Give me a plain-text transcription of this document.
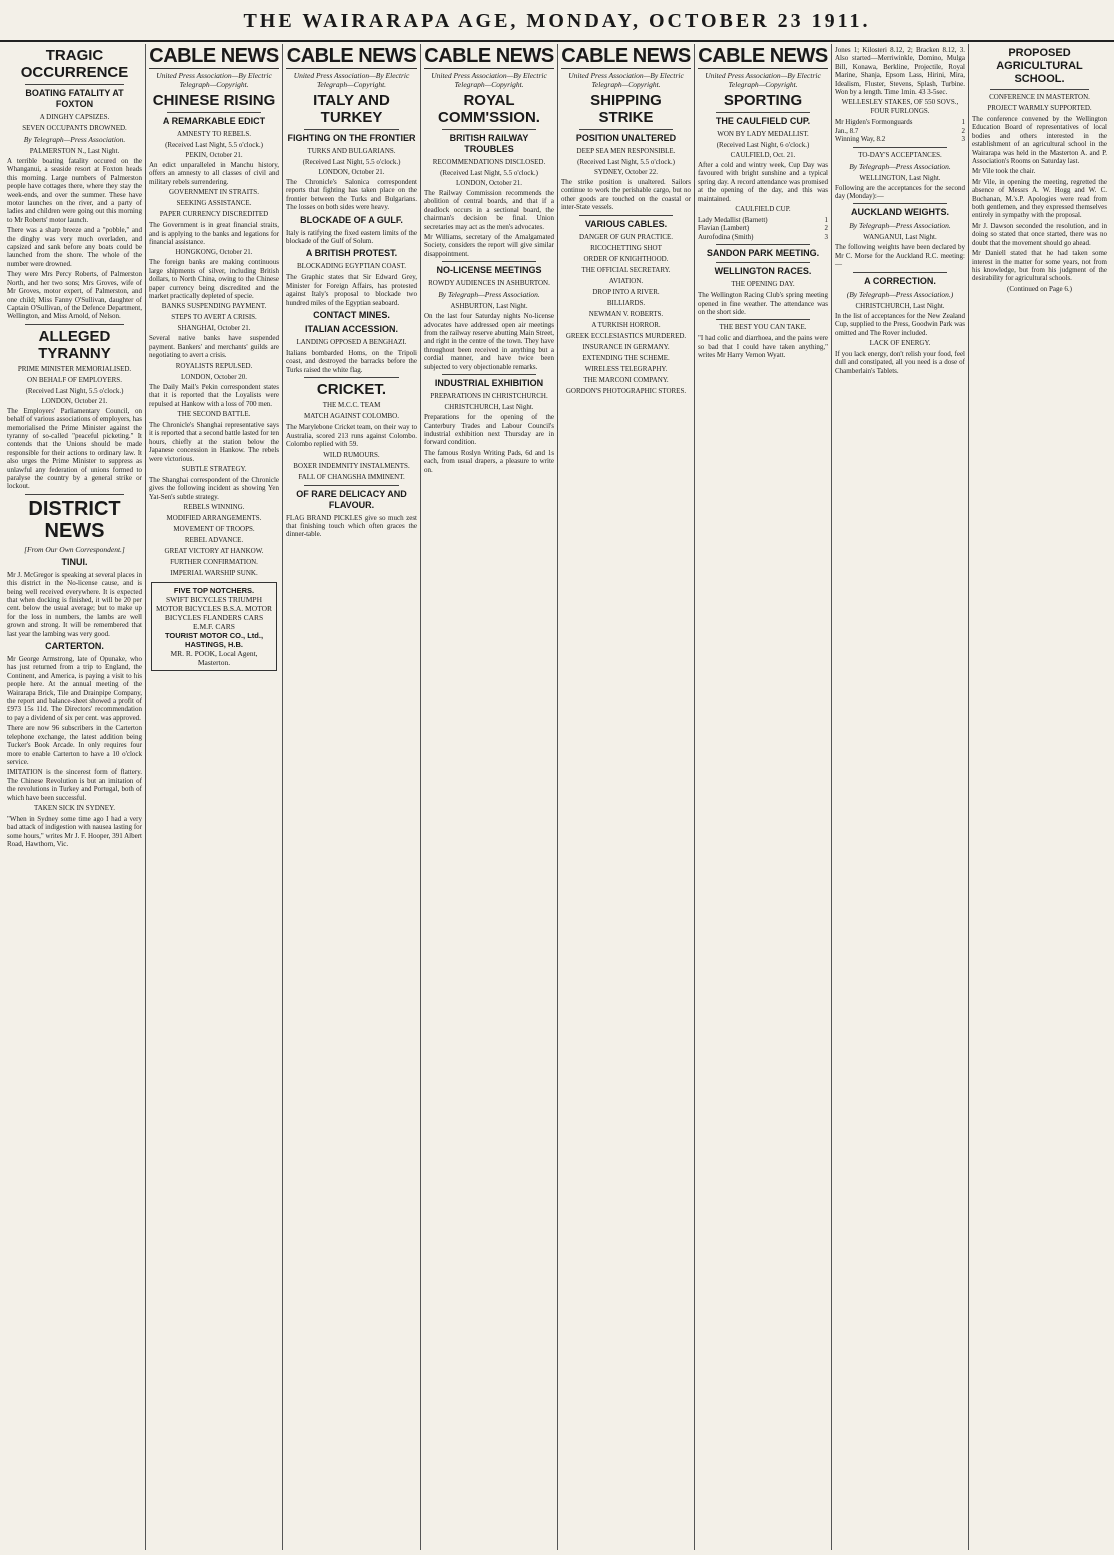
THE WAIRARAPA AGE, MONDAY, OCTOBER 23 1911.
TRAGIC OCCURRENCE
BOATING FATALITY AT FOXTON
A DINGHY CAPSIZES.
SEVEN OCCUPANTS DROWNED.
By Telegraph—Press Association.
PALMERSTON N., Last Night.
A terrible boating fatality occured on the Whanganui, a seaside resort at Foxton heads this morning. Large numbers of Palmerston people have cottages there, where they stay the week-ends, and over the summer. These have motor launches on the river, and a party of ladies and children were going out this morning to Mr Roberts' motor launch.
There was a sharp breeze and a "pobble," and the dinghy was very much overladen, and capsized and sank before any boats could be launched from the shore. The whole of the number were drowned.
They were Mrs Percy Roberts, of Palmerston North, and her two sons; Mrs Groves, wife of Mr Groves, motor expert, of Palmerston, and one child; Miss Fanny O'Sullivan, daughter of Captain O'Sullivan, of the Defence Department, Wellington, and Miss Arnold, of Nelson.
ALLEGED TYRANNY
PRIME MINISTER MEMORIALISED.
ON BEHALF OF EMPLOYERS.
(Received Last Night, 5.5 o'clock.)
LONDON, October 21.
The Employers' Parliamentary Council, on behalf of various associations of employers, has memorialised the Prime Minister against the tyranny of so-called "peaceful picketing." It contends that the Unions should be made responsible for their actions to ordinary law. It also urges the Prime Minister to suppress as unlawful any federation of unions formed to paralyse the country by a general strike or lockout.
DISTRICT NEWS
[From Our Own Correspondent.]
TINUI.
Mr J. McGregor is speaking at several places in this district in the No-license cause, and is being well received everywhere. It is expected that when docking is finished, it will be 20 per cent. below the usual average; but to make up for the loss in numbers, the lambs are well grown and strong. It will be remembered that last year the lambing was very good.
CARTERTON.
Mr George Armstrong, late of Opunake, who has just returned from a trip to England, the Continent, and America, is paying a visit to his people here. At the annual meeting of the Wairarapa Brick, Tile and Drainpipe Company, the report and balance-sheet showed a profit of £973 15s 11d. The Directors' recommendation to pay a dividend of six per cent. was approved.
There are now 96 subscribers in the Carterton telephone exchange, the latest addition being Tucker's Book Arcade. In only requires four more to enable Carterton to have a 10 o'clock service.
IMITATION is the sincerest form of flattery. The Chinese Revolution is but an imitation of the revolutions in Turkey and Portugal, both of which have been successful.
TAKEN SICK IN SYDNEY.
"When in Sydney some time ago I had a very bad attack of indigestion with nausea lasting for some hours," writes Mr J. F. Hooper, 391 Albert Road, Hawthorn, Vic.
CABLE NEWS
United Press Association—By Electric Telegraph—Copyright.
CHINESE RISING
A REMARKABLE EDICT
AMNESTY TO REBELS.
(Received Last Night, 5.5 o'clock.)
PEKIN, October 21.
An edict unparalleled in Manchu history, offers an amnesty to all classes of civil and military rebels surrendering.
GOVERNMENT IN STRAITS.
SEEKING ASSISTANCE.
PAPER CURRENCY DISCREDITED
The Government is in great financial straits, and is applying to the banks and legations for financial assistance.
HONGKONG, October 21.
The foreign banks are making continuous large shipments of silver, including British dollars, to North China, owing to the Chinese paper currency being discredited and the market practically depleted of specie.
BANKS SUSPENDING PAYMENT.
STEPS TO AVERT A CRISIS.
SHANGHAI, October 21.
Several native banks have suspended payment. Bankers' and merchants' guilds are negotiating to avert a crisis.
ROYALISTS REPULSED.
LONDON, October 20.
The Daily Mail's Pekin correspondent states that it is reported that the Loyalists were repulsed at Hankow with a loss of 700 men.
THE SECOND BATTLE.
The Chronicle's Shanghai representative says it is reported that a second battle lasted for ten hours, chiefly at the station below the Japanese concession in Hankow. The rebels were victorious.
SUBTLE STRATEGY.
The Shanghai correspondent of the Chronicle gives the following incident as showing Yen Yat-Sen's subtle strategy.
REBELS WINNING.
MODIFIED ARRANGEMENTS.
MOVEMENT OF TROOPS.
REBEL ADVANCE.
GREAT VICTORY AT HANKOW.
FURTHER CONFIRMATION.
IMPERIAL WARSHIP SUNK.
FIVE TOP NOTCHERS.
SWIFT BICYCLES TRIUMPH MOTOR BICYCLES B.S.A. MOTOR BICYCLES FLANDERS CARS E.M.F. CARS
TOURIST MOTOR CO., Ltd., HASTINGS, H.B.
MR. R. POOK, Local Agent, Masterton.
CABLE NEWS
United Press Association—By Electric Telegraph—Copyright.
ITALY AND TURKEY
FIGHTING ON THE FRONTIER
TURKS AND BULGARIANS.
(Received Last Night, 5.5 o'clock.)
LONDON, October 21.
The Chronicle's Salonica correspondent reports that fighting has taken place on the frontier between the Turks and Bulgarians. The losses on both sides were heavy.
BLOCKADE OF A GULF.
Italy is ratifying the fixed eastern limits of the blockade of the Gulf of Solum.
A BRITISH PROTEST.
BLOCKADING EGYPTIAN COAST.
The Graphic states that Sir Edward Grey, Minister for Foreign Affairs, has protested against Italy's proposal to blockade two hundred miles of the Egyptian seaboard.
CONTACT MINES.
ITALIAN ACCESSION.
LANDING OPPOSED A BENGHAZI.
Italians bombarded Homs, on the Tripoli coast, and destroyed the barracks before the Turks raised the white flag.
CRICKET.
THE M.C.C. TEAM
MATCH AGAINST COLOMBO.
The Marylebone Cricket team, on their way to Australia, scored 213 runs against Colombo. Colombo replied with 59.
WILD RUMOURS.
BOXER INDEMNITY INSTALMENTS.
FALL OF CHANGSHA IMMINENT.
OF RARE DELICACY AND FLAVOUR.
FLAG BRAND PICKLES give so much zest that finishing touch which often graces the dinner-table.
CABLE NEWS
United Press Association—By Electric Telegraph—Copyright.
ROYAL COMM'SSION.
BRITISH RAILWAY TROUBLES
RECOMMENDATIONS DISCLOSED.
(Received Last Night, 5.5 o'clock.)
LONDON, October 21.
The Railway Commission recommends the abolition of central boards, and that if a deadlock occurs in a sectional board, the chairman's decision be final. Union secretaries may act as the men's advocates.
Mr Williams, secretary of the Amalgamated Society, considers the report will give similar disappointment.
NO-LICENSE MEETINGS
ROWDY AUDIENCES IN ASHBURTON.
By Telegraph—Press Association.
ASHBURTON, Last Night.
On the last four Saturday nights No-license advocates have addressed open air meetings from the railway reserve abutting Main Street, and right in the centre of the town. They have throughout been received in anything but a cordial manner, and have twice been subjected to very objectionable remarks.
INDUSTRIAL EXHIBITION
PREPARATIONS IN CHRISTCHURCH.
CHRISTCHURCH, Last Night.
Preparations for the opening of the Canterbury Trades and Labour Council's industrial exhibition next Thursday are in forward condition.
The famous Roslyn Writing Pads, 6d and 1s each, from usual drapers, a pleasure to write on.
CABLE NEWS
United Press Association—By Electric Telegraph—Copyright.
SHIPPING STRIKE
POSITION UNALTERED
DEEP SEA MEN RESPONSIBLE.
(Received Last Night, 5.5 o'clock.)
SYDNEY, October 22.
The strike position is unaltered. Sailors continue to work the perishable cargo, but no other goods are touched on the coastal or inter-State vessels.
VARIOUS CABLES.
DANGER OF GUN PRACTICE.
RICOCHETTING SHOT
ORDER OF KNIGHTHOOD.
THE OFFICIAL SECRETARY.
AVIATION.
DROP INTO A RIVER.
BILLIARDS.
NEWMAN V. ROBERTS.
A TURKISH HORROR.
GREEK ECCLESIASTICS MURDERED.
INSURANCE IN GERMANY.
EXTENDING THE SCHEME.
WIRELESS TELEGRAPHY.
THE MARCONI COMPANY.
GORDON'S PHOTOGRAPHIC STORES.
CABLE NEWS
United Press Association—By Electric Telegraph—Copyright.
SPORTING
THE CAULFIELD CUP.
WON BY LADY MEDALLIST.
(Received Last Night, 6 o'clock.)
CAULFIELD, Oct. 21.
After a cold and wintry week, Cup Day was favoured with bright sunshine and a typical spring day. A record attendance was promised at the opening of the day, and this was maintained.
CAULFIELD CUP.
Lady Medallist (Barnett)	1
Flavian (Lambert)	2
Aurofodina (Smith)	3
SANDON PARK MEETING.
WELLINGTON RACES.
THE OPENING DAY.
The Wellington Racing Club's spring meeting opened in fine weather. The attendance was on the short side.
THE BEST YOU CAN TAKE.
"I had colic and diarrhoea, and the pains were so bad that I could have taken anything," writes Mr Harry Vernon Wyatt.
Jones 1; Kilosteri 8.12, 2; Bracken 8.12, 3. Also started—Merriwinkle, Domino, Mulga Bill, Konawa, Berkline, Projectile, Royal Marine, Shanja, Epsom Lass, Hirini, Mira, Idealism, Fluster, Stevens, Splash, Turbine. Won by a length. Time 1min. 43 3-5sec.
WELLESLEY STAKES, OF 550 SOVS., FOUR FURLONGS.
Mr Higden's Formonguards	1
Jan., 8.7	2
Winning Way, 8.2	3
TO-DAY'S ACCEPTANCES.
By Telegraph—Press Association.
WELLINGTON, Last Night.
Following are the acceptances for the second day (Monday):—
AUCKLAND WEIGHTS.
By Telegraph—Press Association.
WANGANUI, Last Night.
The following weights have been declared by Mr C. Morse for the Auckland R.C. meeting:—
A CORRECTION.
(By Telegraph—Press Association.)
CHRISTCHURCH, Last Night.
In the list of acceptances for the New Zealand Cup, supplied to the Press, Goodwin Park was omitted and The Rover included.
LACK OF ENERGY.
If you lack energy, don't relish your food, feel dull and constipated, all you need is a dose of Chamberlain's Tablets.
PROPOSED AGRICULTURAL SCHOOL.
CONFERENCE IN MASTERTON.
PROJECT WARMLY SUPPORTED.
The conference convened by the Wellington Education Board of representatives of local bodies and others interested in the establishment of an agricultural school in the Wairarapa was held in the Masterton A. and P. Association's Rooms on Saturday last.
Mr Vile took the chair.
Mr Vile, in opening the meeting, regretted the absence of Messrs A. W. Hogg and W. C. Buchanan, M.'s.P. Apologies were read from both gentlemen, and they expressed themselves entirely in sympathy with the proposal.
Mr J. Dawson seconded the resolution, and in doing so stated that once started, there was no doubt that the movement should go ahead.
Mr Daniell stated that he had taken some interest in the matter for some years, not from his knowledge, but from his judgment of the desirability for agricultural schools.
(Continued on Page 6.)
